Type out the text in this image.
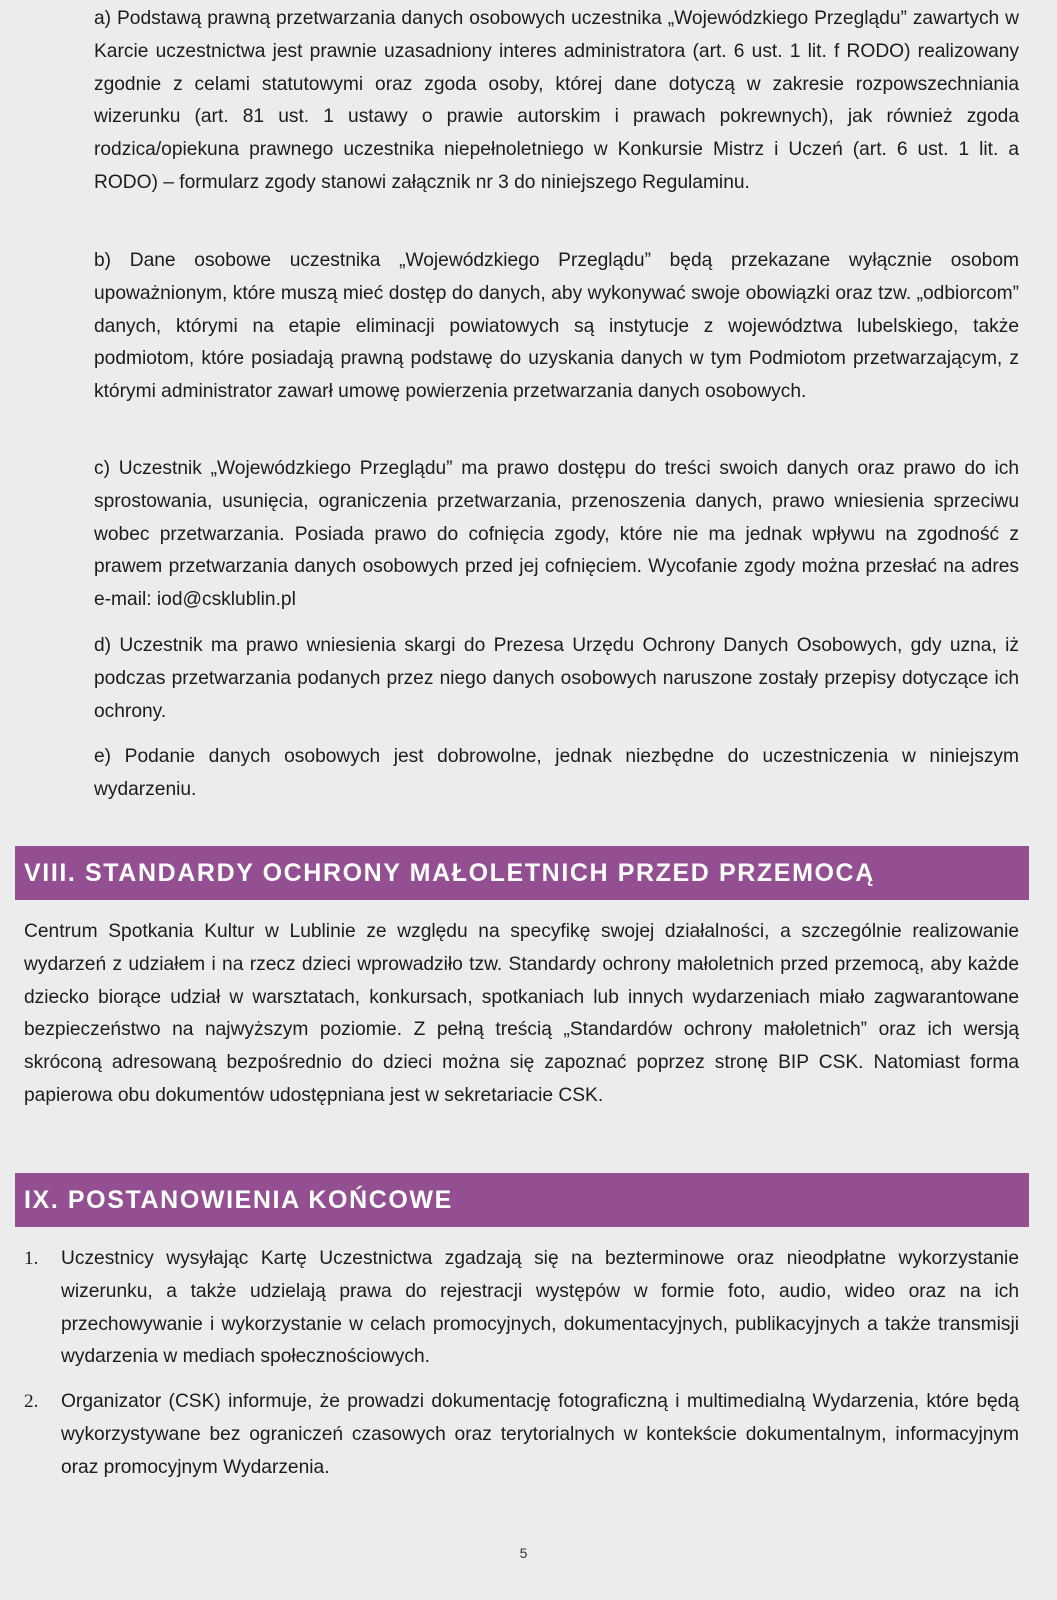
a) Podstawą prawną przetwarzania danych osobowych uczestnika „Wojewódzkiego Przeglądu” zawartych w Karcie uczestnictwa jest prawnie uzasadniony interes administratora (art. 6 ust. 1 lit. f RODO) realizowany zgodnie z celami statutowymi oraz zgoda osoby, której dane dotyczą w zakresie rozpowszechniania wizerunku (art. 81 ust. 1 ustawy o prawie autorskim i prawach pokrewnych), jak również zgoda rodzica/opiekuna prawnego uczestnika niepełnoletniego w Konkursie Mistrz i Uczeń (art. 6 ust. 1 lit. a RODO) – formularz zgody stanowi załącznik nr 3 do niniejszego Regulaminu.

b) Dane osobowe uczestnika „Wojewódzkiego Przeglądu” będą przekazane wyłącznie osobom upoważnionym, które muszą mieć dostęp do danych, aby wykonywać swoje obowiązki oraz tzw. „odbiorcom” danych, którymi na etapie eliminacji powiatowych są instytucje z województwa lubelskiego, także podmiotom, które posiadają prawną podstawę do uzyskania danych w tym Podmiotom przetwarzającym, z którymi administrator zawarł umowę powierzenia przetwarzania danych osobowych.

c) Uczestnik „Wojewódzkiego Przeglądu” ma prawo dostępu do treści swoich danych oraz prawo do ich sprostowania, usunięcia, ograniczenia przetwarzania, przenoszenia danych, prawo wniesienia sprzeciwu wobec przetwarzania. Posiada prawo do cofnięcia zgody, które nie ma jednak wpływu na zgodność z prawem przetwarzania danych osobowych przed jej cofnięciem. Wycofanie zgody można przesłać na adres e-mail: iod@csklublin.pl

d) Uczestnik ma prawo wniesienia skargi do Prezesa Urzędu Ochrony Danych Osobowych, gdy uzna, iż podczas przetwarzania podanych przez niego danych osobowych naruszone zostały przepisy dotyczące ich ochrony.

e) Podanie danych osobowych jest dobrowolne, jednak niezbędne do uczestniczenia w niniejszym wydarzeniu.

VIII. STANDARDY OCHRONY MAŁOLETNICH PRZED PRZEMOCĄ

Centrum Spotkania Kultur w Lublinie ze względu na specyfikę swojej działalności, a szczególnie realizowanie wydarzeń z udziałem i na rzecz dzieci wprowadziło tzw. Standardy ochrony małoletnich przed przemocą, aby każde dziecko biorące udział w warsztatach, konkursach, spotkaniach lub innych wydarzeniach miało zagwarantowane bezpieczeństwo na najwyższym poziomie. Z pełną treścią „Standardów ochrony małoletnich” oraz ich wersją skróconą adresowaną bezpośrednio do dzieci można się zapoznać poprzez stronę BIP CSK. Natomiast forma papierowa obu dokumentów udostępniana jest w sekretariacie CSK.

IX. POSTANOWIENIA KOŃCOWE
1. Uczestnicy wysyłając Kartę Uczestnictwa zgadzają się na bezterminowe oraz nieodpłatne wykorzystanie wizerunku, a także udzielają prawa do rejestracji występów w formie foto, audio, wideo oraz na ich przechowywanie i wykorzystanie w celach promocyjnych, dokumentacyjnych, publikacyjnych a także transmisji wydarzenia w mediach społecznościowych.

2. Organizator (CSK) informuje, że prowadzi dokumentację fotograficzną i multimedialną Wydarzenia, które będą wykorzystywane bez ograniczeń czasowych oraz terytorialnych w kontekście dokumentalnym, informacyjnym oraz promocyjnym Wydarzenia.

5
